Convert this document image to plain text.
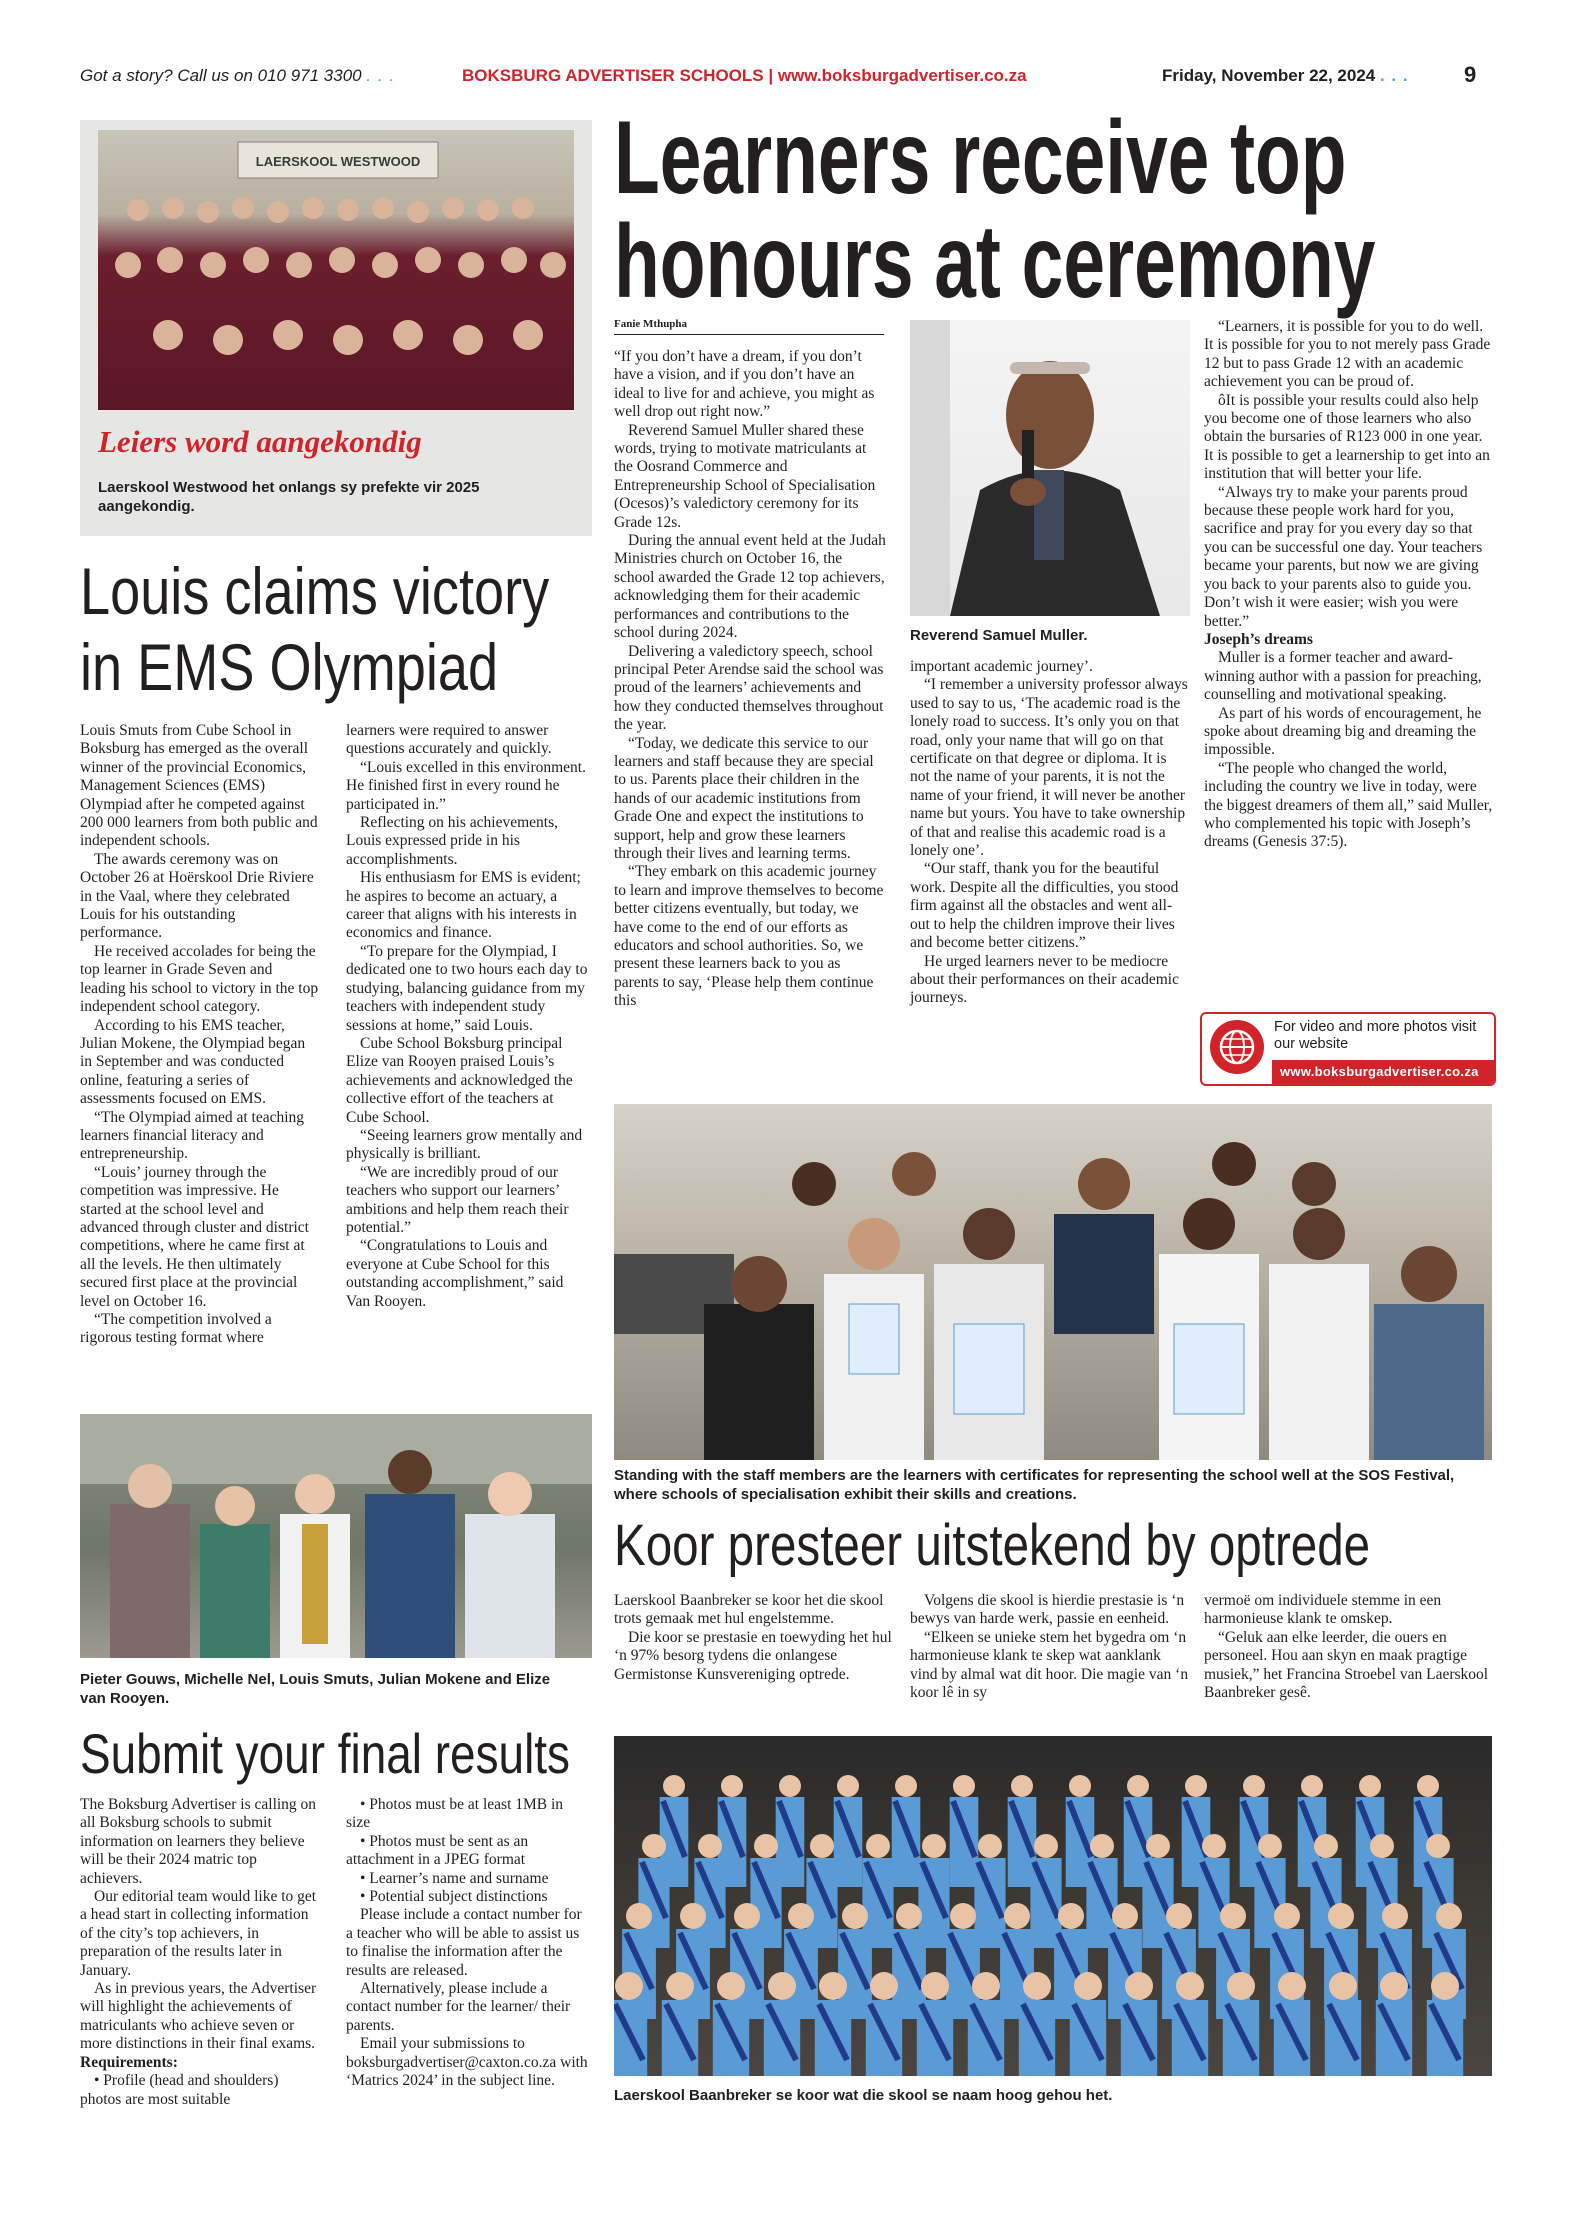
Got a story? Call us on 010 971 3300 . . .	BOKSBURG ADVERTISER SCHOOLS | www.boksburgadvertiser.co.za	Friday, November 22, 2024 . . .	9
LAERSKOOL WESTWOOD
Leiers word aangekondig
Laerskool Westwood het onlangs sy prefekte vir 2025 aangekondig.
Learners receive top
honours at ceremony
Louis claims victory
in EMS Olympiad

Louis Smuts from Cube School in Boksburg has emerged as the overall winner of the provincial Economics, Management Sciences (EMS) Olympiad after he competed against 200 000 learners from both public and independent schools.

The awards ceremony was on October 26 at Hoërskool Drie Riviere in the Vaal, where they celebrated Louis for his outstanding performance.

He received accolades for being the top learner in Grade Seven and leading his school to victory in the top independent school category.

According to his EMS teacher, Julian Mokene, the Olympiad began in September and was conducted online, featuring a series of assessments focused on EMS.

“The Olympiad aimed at teaching learners financial literacy and entrepreneurship.

“Louis’ journey through the competition was impressive. He started at the school level and advanced through cluster and district competitions, where he came first at all the levels. He then ultimately secured first place at the provincial level on October 16.

“The competition involved a rigorous testing format where

learners were required to answer questions accurately and quickly.

“Louis excelled in this environment. He finished first in every round he participated in.”

Reflecting on his achievements, Louis expressed pride in his accomplishments.

His enthusiasm for EMS is evident; he aspires to become an actuary, a career that aligns with his interests in economics and finance.

“To prepare for the Olympiad, I dedicated one to two hours each day to studying, balancing guidance from my teachers with independent study sessions at home,” said Louis.

Cube School Boksburg principal Elize van Rooyen praised Louis’s achievements and acknowledged the collective effort of the teachers at Cube School.

“Seeing learners grow mentally and physically is brilliant.

“We are incredibly proud of our teachers who support our learners’ ambitions and help them reach their potential.”

“Congratulations to Louis and everyone at Cube School for this outstanding accomplishment,” said Van Rooyen.

Pieter Gouws, Michelle Nel, Louis Smuts, Julian Mokene and Elize van Rooyen.
Submit your final results

The Boksburg Advertiser is calling on all Boksburg schools to submit information on learners they believe will be their 2024 matric top achievers.

Our editorial team would like to get a head start in collecting information of the city’s top achievers, in preparation of the results later in January.

As in previous years, the Advertiser will highlight the achievements of matriculants who achieve seven or more distinctions in their final exams.

Requirements:

• Profile (head and shoulders) photos are most suitable

• Photos must be at least 1MB in size

• Photos must be sent as an attachment in a JPEG format

• Learner’s name and surname

• Potential subject distinctions

Please include a contact number for a teacher who will be able to assist us to finalise the information after the results are released.

Alternatively, please include a contact number for the learner/ their parents.

Email your submissions to boksburgadvertiser@caxton.co.za with ‘Matrics 2024’ in the subject line.

Fanie Mthupha

“If you don’t have a dream, if you don’t have a vision, and if you don’t have an ideal to live for and achieve, you might as well drop out right now.”

Reverend Samuel Muller shared these words, trying to motivate matriculants at the Oosrand Commerce and Entrepreneurship School of Specialisation (Ocesos)’s valedictory ceremony for its Grade 12s.

During the annual event held at the Judah Ministries church on October 16, the school awarded the Grade 12 top achievers, acknowledging them for their academic performances and contributions to the school during 2024.

Delivering a valedictory speech, school principal Peter Arendse said the school was proud of the learners’ achievements and how they conducted themselves throughout the year.

“Today, we dedicate this service to our learners and staff because they are special to us. Parents place their children in the hands of our academic institutions from Grade One and expect the institutions to support, help and grow these learners through their lives and learning terms.

“They embark on this academic journey to learn and improve themselves to become better citizens eventually, but today, we have come to the end of our efforts as educators and school authorities. So, we present these learners back to you as parents to say, ‘Please help them continue this

Reverend Samuel Muller.

important academic journey’.

“I remember a university professor always used to say to us, ‘The academic road is the lonely road to success. It’s only you on that road, only your name that will go on that certificate on that degree or diploma. It is not the name of your parents, it is not the name of your friend, it will never be another name but yours. You have to take ownership of that and realise this academic road is a lonely one’.

“Our staff, thank you for the beautiful work. Despite all the difficulties, you stood firm against all the obstacles and went all-out to help the children improve their lives and become better citizens.”

He urged learners never to be mediocre about their performances on their academic journeys.

“Learners, it is possible for you to do well. It is possible for you to not merely pass Grade 12 but to pass Grade 12 with an academic achievement you can be proud of.

ôIt is possible your results could also help you become one of those learners who also obtain the bursaries of R123 000 in one year. It is possible to get a learnership to get into an institution that will better your life.

“Always try to make your parents proud because these people work hard for you, sacrifice and pray for you every day so that you can be successful one day. Your teachers became your parents, but now we are giving you back to your parents also to guide you. Don’t wish it were easier; wish you were better.”

Joseph’s dreams

Muller is a former teacher and award-winning author with a passion for preaching, counselling and motivational speaking.

As part of his words of encouragement, he spoke about dreaming big and dreaming the impossible.

“The people who changed the world, including the country we live in today, were the biggest dreamers of them all,” said Muller, who complemented his topic with Joseph’s dreams (Genesis 37:5).

For video and more photos visit our website
www.boksburgadvertiser.co.za
Standing with the staff members are the learners with certificates for representing the school well at the SOS Festival, where schools of specialisation exhibit their skills and creations.
Koor presteer uitstekend by optrede

Laerskool Baanbreker se koor het die skool trots gemaak met hul engelstemme.

Die koor se prestasie en toewyding het hul ‘n 97% besorg tydens die onlangese Germistonse Kunsvereniging optrede.

Volgens die skool is hierdie prestasie is ‘n bewys van harde werk, passie en eenheid.

“Elkeen se unieke stem het bygedra om ‘n harmonieuse klank te skep wat aanklank vind by almal wat dit hoor. Die magie van ‘n koor lê in sy

vermoë om individuele stemme in een harmonieuse klank te omskep.

“Geluk aan elke leerder, die ouers en personeel. Hou aan skyn en maak pragtige musiek,” het Francina Stroebel van Laerskool Baanbreker gesê.

Laerskool Baanbreker se koor wat die skool se naam hoog gehou het.
